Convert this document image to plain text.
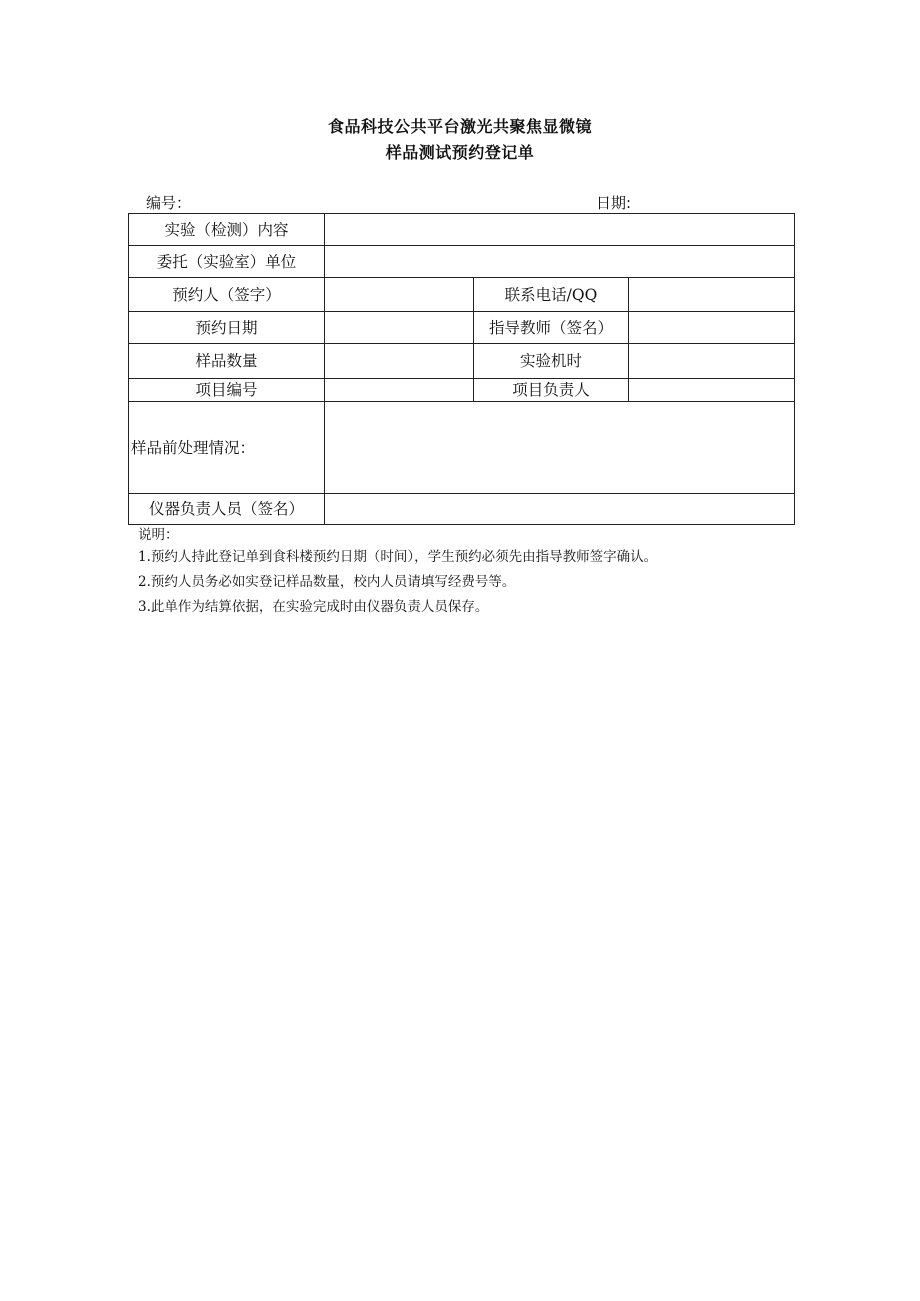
食品科技公共平台激光共聚焦显微镜
样品测试预约登记单
编号：	日期:
实验（检测）内容			
委托（实验室）单位			
预约人（签字）		联系电话/QQ	
预约日期		指导教师（签名）	
样品数量		实验机时	
项目编号		项目负责人	
样品前处理情况：			
仪器负责人员（签名）			
说明：
1.预约人持此登记单到食科楼预约日期（时间），学生预约必须先由指导教师签字确认。
2.预约人员务必如实登记样品数量，校内人员请填写经费号等。
3.此单作为结算依据，在实验完成时由仪器负责人员保存。
